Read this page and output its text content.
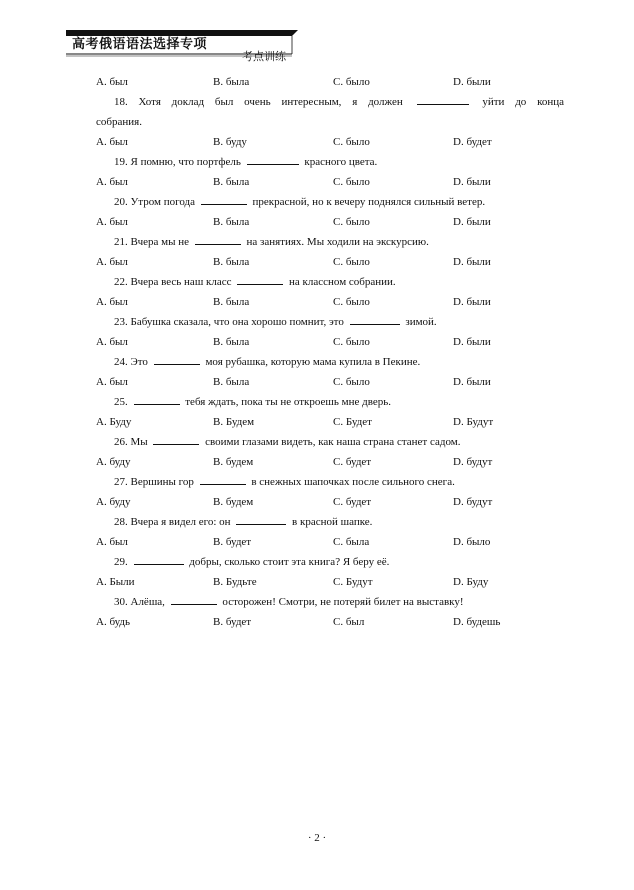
高考俄语语法选择专项
考点训练
A. был	B. была	C. было	D. были
18. Хотя доклад был очень интересным, я должен	уйти до конца
собрания.
A. был	B. буду	C. было	D. будет
19. Я помню, что портфель	красного цвета.
A. был	B. была	C. было	D. были
20. Утром погода	прекрасной, но к вечеру поднялся сильный ветер.
A. был	B. была	C. было	D. были
21. Вчера мы не	на занятиях. Мы ходили на экскурсию.
A. был	B. была	C. было	D. были
22. Вчера весь наш класс	на классном собрании.
A. был	B. была	C. было	D. были
23. Бабушка сказала, что она хорошо помнит, это	зимой.
A. был	B. была	C. было	D. были
24. Это	моя рубашка, которую мама купила в Пекине.
A. был	B. была	C. было	D. были
25.	тебя ждать, пока ты не откроешь мне дверь.
A. Буду	B. Будем	C. Будет	D. Будут
26. Мы	своими глазами видеть, как наша страна станет садом.
A. буду	B. будем	C. будет	D. будут
27. Вершины гор	в снежных шапочках после сильного снега.
A. буду	B. будем	C. будет	D. будут
28. Вчера я видел его: он	в красной шапке.
A. был	B. будет	C. была	D. было
29.	добры, сколько стоит эта книга? Я беру её.
A. Были	B. Будьте	C. Будут	D. Буду
30. Алёша,	осторожен! Смотри, не потеряй билет на выставку!
A. будь	B. будет	C. был	D. будешь
· 2 ·
